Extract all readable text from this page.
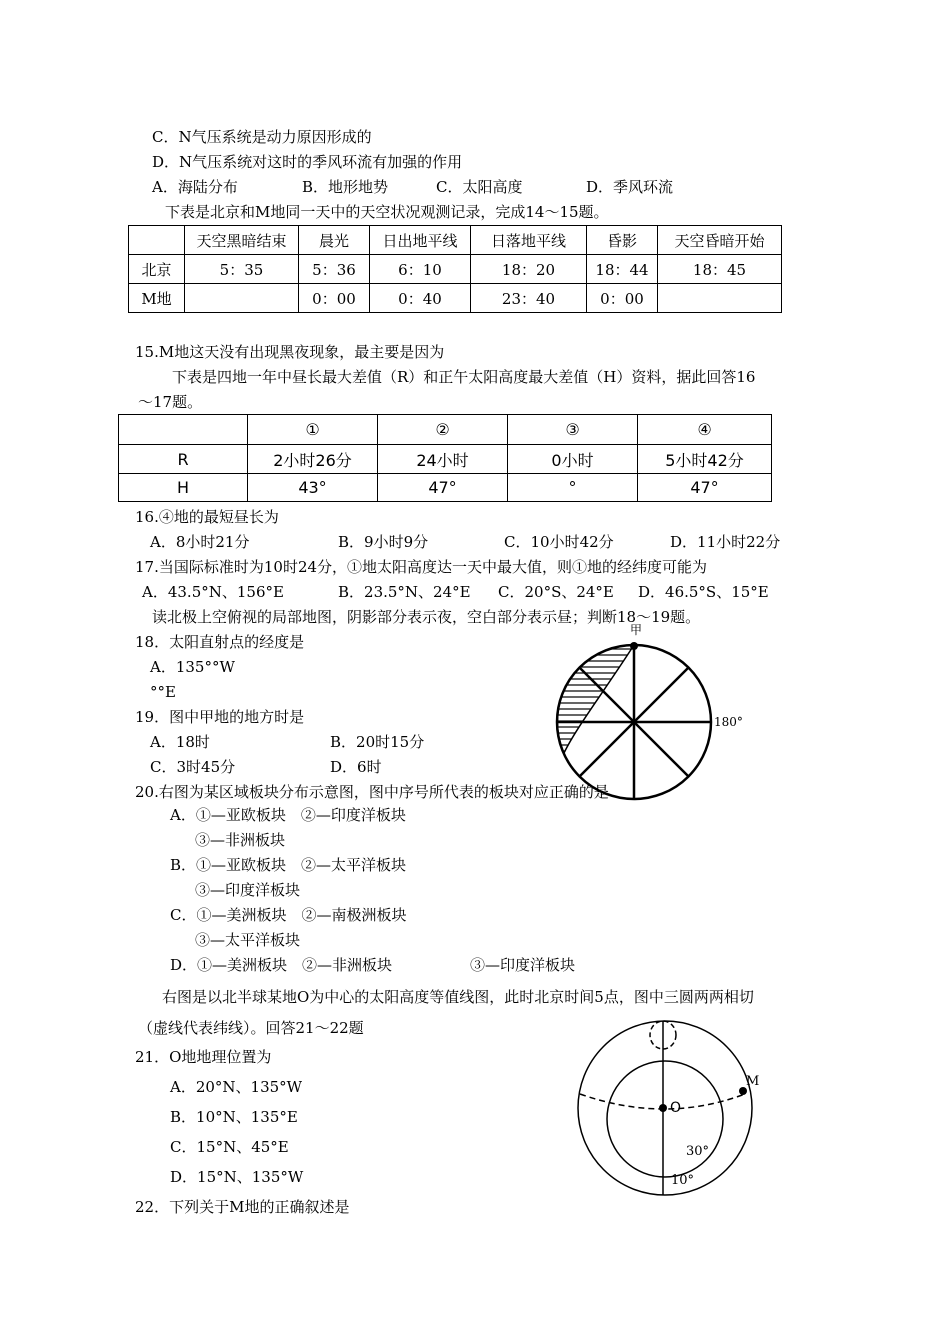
C．N气压系统是动力原因形成的
D．N气压系统对这时的季风环流有加强的作用
A．海陆分布	B．地形地势	C．太阳高度	D．季风环流
下表是北京和M地同一天中的天空状况观测记录，完成14～15题。
	天空黑暗结束	晨光	日出地平线	日落地平线	昏影	天空昏暗开始
北京	5：35	5：36	6：10	18：20	18：44	18：45
M地		0：00	0：40	23：40	0：00	
15.M地这天没有出现黑夜现象，最主要是因为
下表是四地一年中昼长最大差值（R）和正午太阳高度最大差值（H）资料，据此回答16
～17题。
	①	②	③	④
R	2小时26分	24小时	0小时	5小时42分
H	43°	47°	°	47°
16.④地的最短昼长为
A．8小时21分	B．9小时9分	C．10小时42分	D．11小时22分
17.当国际标准时为10时24分，①地太阳高度达一天中最大值，则①地的经纬度可能为
A．43.5°N、156°E	B．23.5°N、24°E C．20°S、24°E D．46.5°S、15°E
读北极上空俯视的局部地图，阴影部分表示夜，空白部分表示昼；判断18～19题。
18．太阳直射点的经度是
A．135°°W
°°E
19．图中甲地的地方时是
A．18时	B．20时15分
C．3时45分	D．6时
20.右图为某区域板块分布示意图，图中序号所代表的板块对应正确的是
甲
180°
A．①—亚欧板块　②—印度洋板块
③—非洲板块
B．①—亚欧板块　②—太平洋板块
③—印度洋板块
C．①—美洲板块　②—南极洲板块
③—太平洋板块
D．①—美洲板块　②—非洲板块	③—印度洋板块
右图是以北半球某地O为中心的太阳高度等值线图，此时北京时间5点，图中三圆两两相切
（虚线代表纬线）。回答21～22题
21．O地地理位置为
A．20°N、135°W
B．10°N、135°E
C．15°N、45°E
D．15°N、135°W
22．下列关于M地的正确叙述是
O
M
30°
10°
